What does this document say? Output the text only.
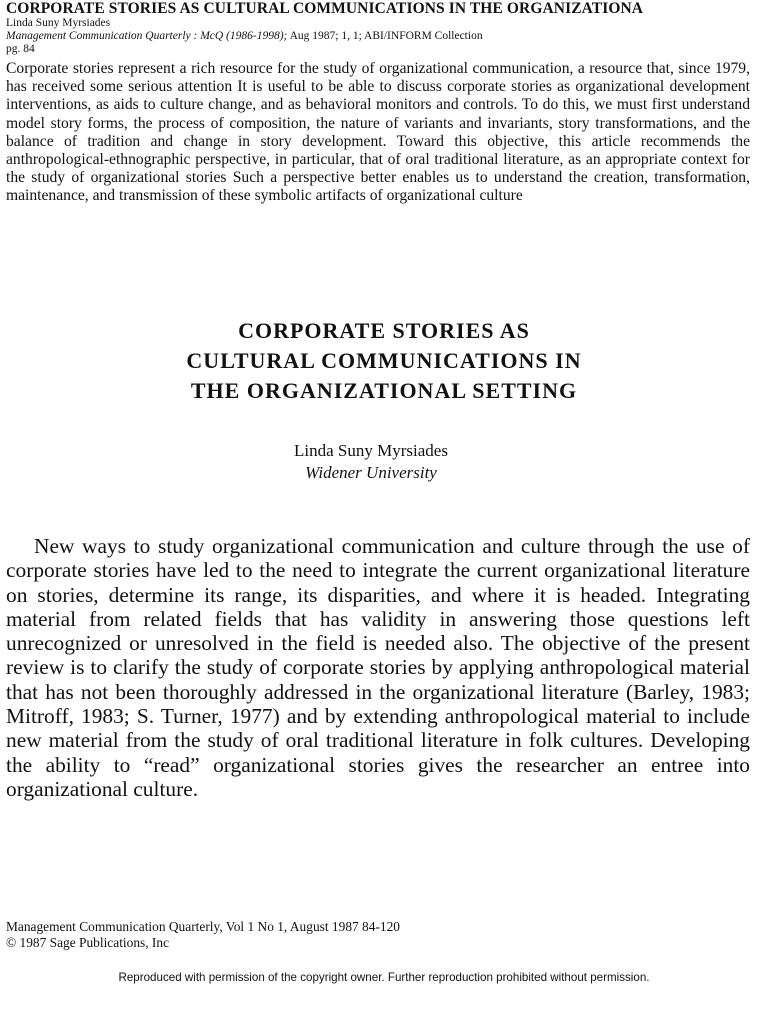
CORPORATE STORIES AS CULTURAL COMMUNICATIONS IN THE ORGANIZATIONA
Linda Suny Myrsiades
Management Communication Quarterly : McQ (1986-1998); Aug 1987; 1, 1; ABI/INFORM Collection
pg. 84
Corporate stories represent a rich resource for the study of organizational communication, a resource that, since 1979, has received some serious attention It is useful to be able to discuss corporate stories as organizational development interventions, as aids to culture change, and as behavioral monitors and controls. To do this, we must first understand model story forms, the process of composition, the nature of variants and invariants, story transformations, and the balance of tradition and change in story development. Toward this objective, this article recommends the anthropological-ethnographic perspective, in particular, that of oral traditional literature, as an appropriate context for the study of organizational stories Such a perspective better enables us to understand the creation, transformation, maintenance, and transmission of these symbolic artifacts of organizational culture
CORPORATE STORIES AS
CULTURAL COMMUNICATIONS IN
THE ORGANIZATIONAL SETTING
Linda Suny Myrsiades
Widener University

New ways to study organizational communication and culture through the use of corporate stories have led to the need to integrate the current organizational literature on stories, determine its range, its disparities, and where it is headed. Integrating material from related fields that has validity in answering those questions left unrecognized or unresolved in the field is needed also. The objective of the present review is to clarify the study of corporate stories by applying anthropological material that has not been thoroughly addressed in the organizational literature (Barley, 1983; Mitroff, 1983; S. Turner, 1977) and by extending anthropological material to include new material from the study of oral traditional literature in folk cultures. Developing the ability to “read” organizational stories gives the researcher an entree into organizational culture.

Management Communication Quarterly, Vol 1 No 1, August 1987 84-120
© 1987 Sage Publications, Inc
Reproduced with permission of the copyright owner. Further reproduction prohibited without permission.
